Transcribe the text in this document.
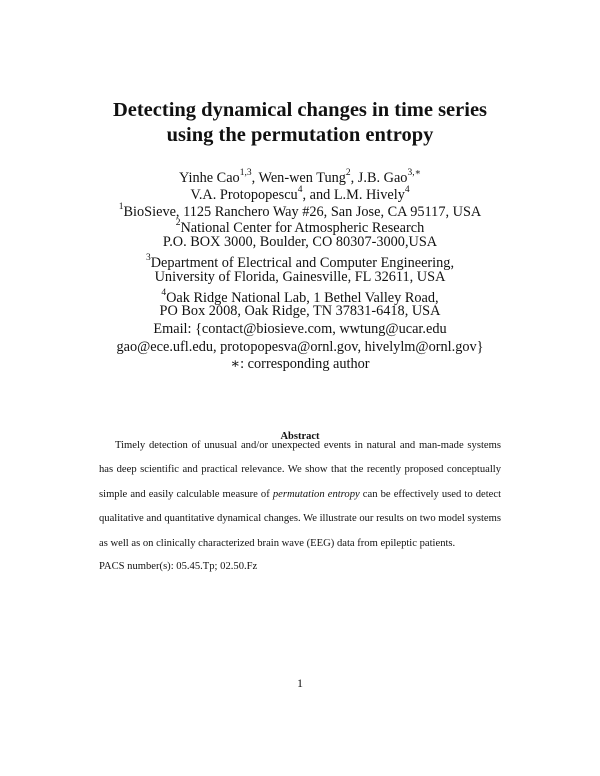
Detecting dynamical changes in time series
using the permutation entropy
Yinhe Cao$^{1,3}$, Wen-wen Tung$^2$, J.B. Gao$^{3,∗}$
V.A. Protopopescu$^4$, and L.M. Hively$^4$
$^1$BioSieve, 1125 Ranchero Way #26, San Jose, CA 95117, USA
$^2$National Center for Atmospheric Research
P.O. BOX 3000, Boulder, CO 80307-3000,USA
$^3$Department of Electrical and Computer Engineering,
University of Florida, Gainesville, FL 32611, USA
$^4$Oak Ridge National Lab, 1 Bethel Valley Road,
PO Box 2008, Oak Ridge, TN 37831-6418, USA
Email: {contact@biosieve.com, wwtung@ucar.edu
gao@ece.ufl.edu, protopopesva@ornl.gov, hivelylm@ornl.gov}
∗: corresponding author
Abstract
Timely detection of unusual and/or unexpected events in natural and man-made systems has deep scientific and practical relevance. We show that the recently proposed conceptually simple and easily calculable measure of permutation entropy can be effectively used to detect qualitative and quantitative dynamical changes. We illustrate our results on two model systems as well as on clinically characterized brain wave (EEG) data from epileptic patients.
PACS number(s): 05.45.Tp; 02.50.Fz
1
